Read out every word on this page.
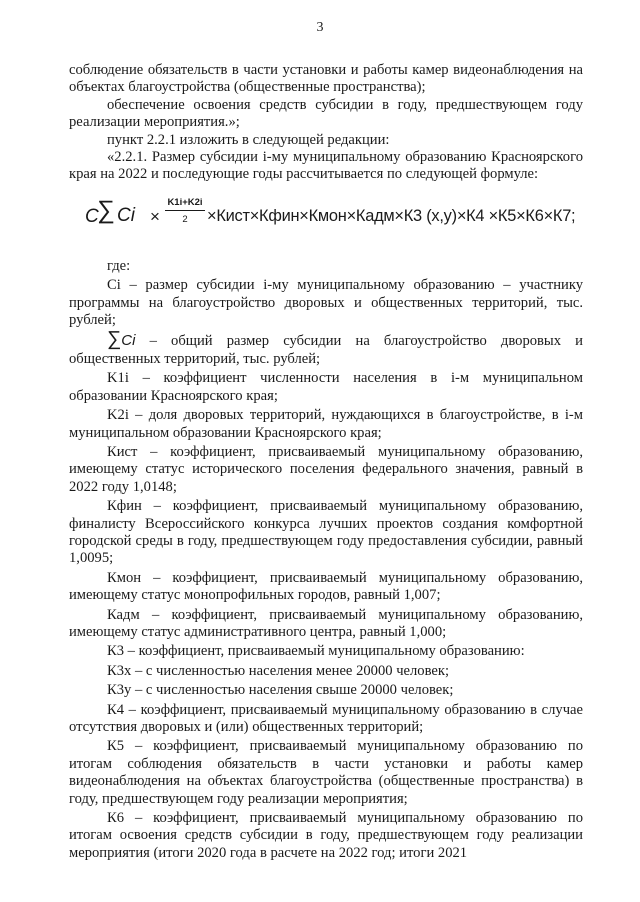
3

соблюдение обязательств в части установки и работы камер видеонаблюдения на объектах благоустройства (общественные пространства);

обеспечение освоения средств субсидии в году, предшествующем году реализации мероприятия.»;

пункт 2.2.1 изложить в следующей редакции:

«2.2.1. Размер субсидии i-му муниципальному образованию Красноярского края на 2022 и последующие годы рассчитывается по следующей формуле:

C
∑ $Ci \times \frac{K1i+K2i}{2}$ ×Кист×Кфин×Кмон×Кадм×К3 (x,y)×К4 ×К5×К6×К7;

где:

Ci – размер субсидии i-му муниципальному образованию – участнику программы на благоустройство дворовых и общественных территорий, тыс. рублей;

∑Ci – общий размер субсидии на благоустройство дворовых и общественных территорий, тыс. рублей;

K1i – коэффициент численности населения в i-м муниципальном образовании Красноярского края;

K2i – доля дворовых территорий, нуждающихся в благоустройстве, в i-м муниципальном образовании Красноярского края;

Кист – коэффициент, присваиваемый муниципальному образованию, имеющему статус исторического поселения федерального значения, равный в 2022 году 1,0148;

Кфин – коэффициент, присваиваемый муниципальному образованию, финалисту Всероссийского конкурса лучших проектов создания комфортной городской среды в году, предшествующем году предоставления субсидии, равный 1,0095;

Кмон – коэффициент, присваиваемый муниципальному образованию, имеющему статус монопрофильных городов, равный 1,007;

Кадм – коэффициент, присваиваемый муниципальному образованию, имеющему статус административного центра, равный 1,000;

К3 – коэффициент, присваиваемый муниципальному образованию:

К3х – с численностью населения менее 20000 человек;

К3у – с численностью населения свыше 20000 человек;

К4 – коэффициент, присваиваемый муниципальному образованию в случае отсутствия дворовых и (или) общественных территорий;

К5 – коэффициент, присваиваемый муниципальному образованию по итогам соблюдения обязательств в части установки и работы камер видеонаблюдения на объектах благоустройства (общественные пространства) в году, предшествующем году реализации мероприятия;

К6 – коэффициент, присваиваемый муниципальному образованию по итогам освоения средств субсидии в году, предшествующем году реализации мероприятия (итоги 2020 года в расчете на 2022 год; итоги 2021
